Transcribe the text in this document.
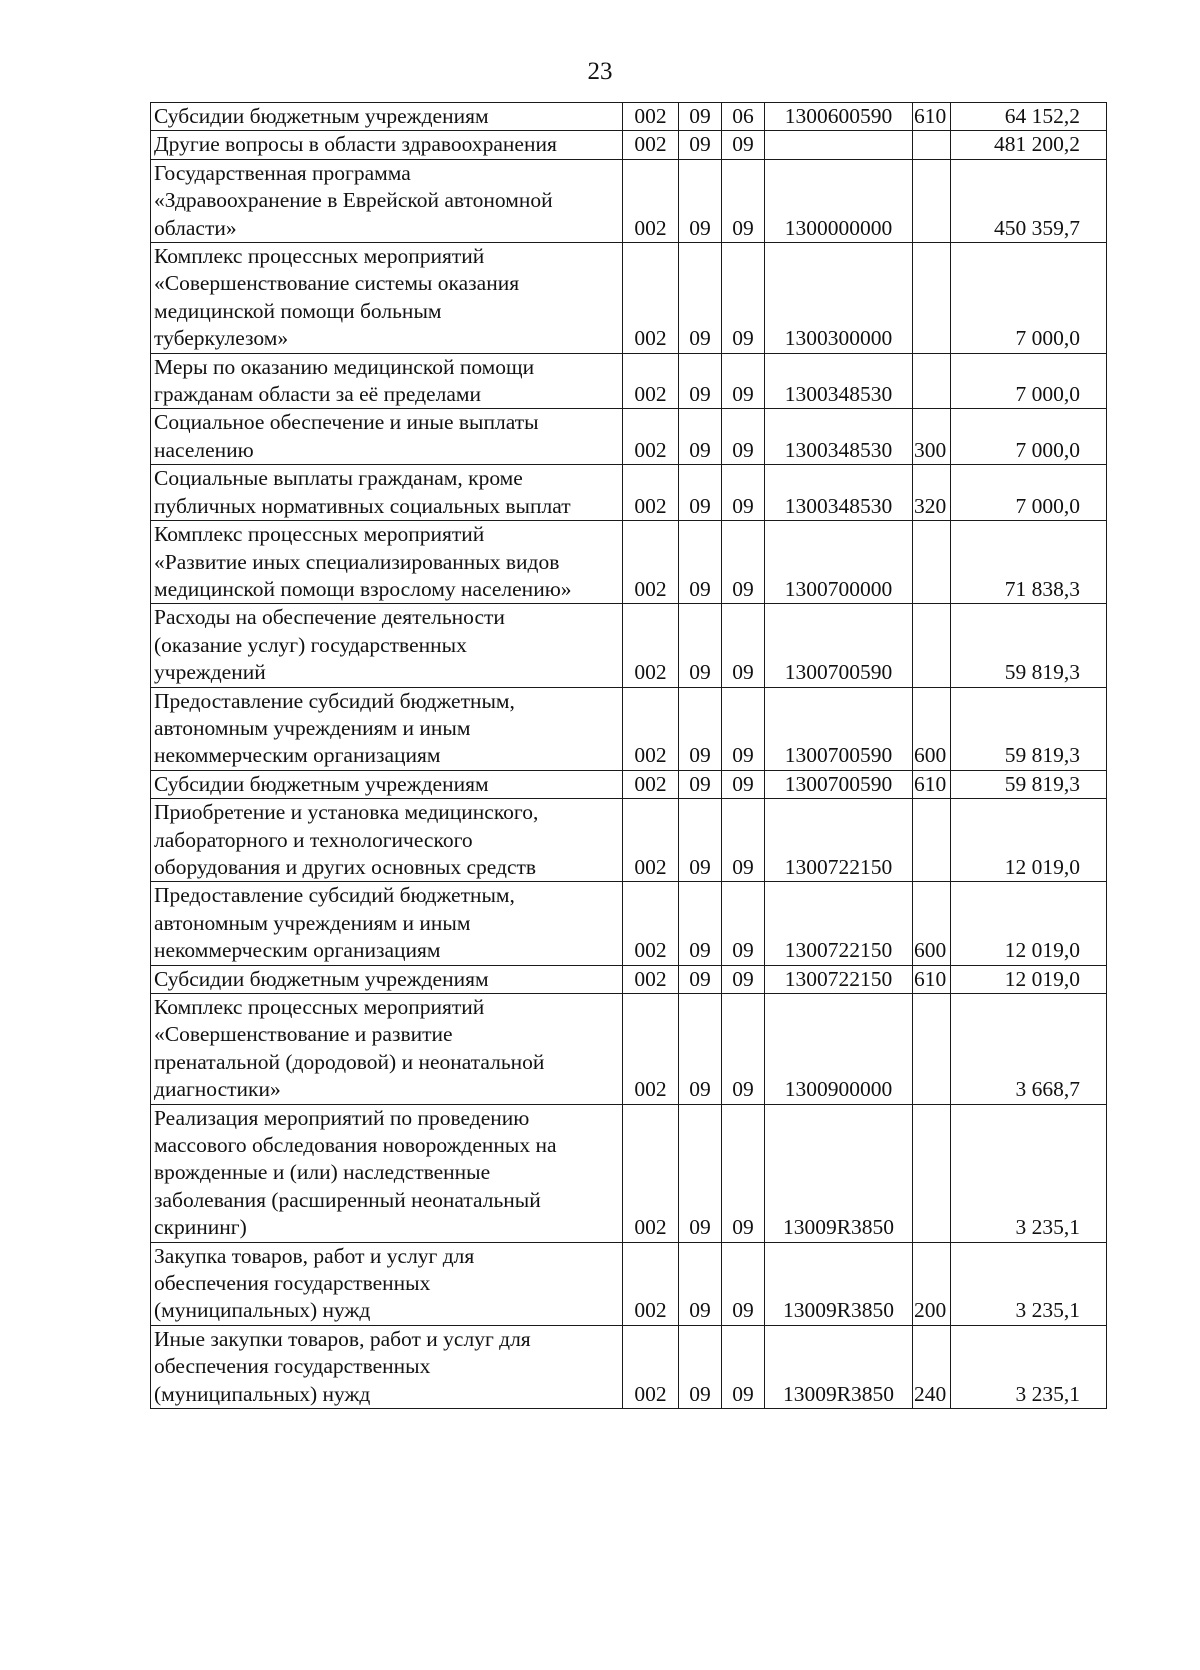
23
Субсидии бюджетным учреждениям	002	09	06	1300600590	610	64 152,2

Другие вопросы в области здравоохранения	002	09	09			481 200,2

Государственная программа
«Здравоохранение в Еврейской автономной
области»	002	09	09	1300000000		450 359,7

Комплекс процессных мероприятий
«Совершенствование системы оказания
медицинской помощи больным
туберкулезом»	002	09	09	1300300000		7 000,0

Меры по оказанию медицинской помощи
гражданам области за её пределами	002	09	09	1300348530		7 000,0

Социальное обеспечение и иные выплаты
населению	002	09	09	1300348530	300	7 000,0

Социальные выплаты гражданам, кроме
публичных нормативных социальных выплат	002	09	09	1300348530	320	7 000,0

Комплекс процессных мероприятий
«Развитие иных специализированных видов
медицинской помощи взрослому населению»	002	09	09	1300700000		71 838,3

Расходы на обеспечение деятельности
(оказание услуг) государственных
учреждений	002	09	09	1300700590		59 819,3

Предоставление субсидий бюджетным,
автономным учреждениям и иным
некоммерческим организациям	002	09	09	1300700590	600	59 819,3

Субсидии бюджетным учреждениям	002	09	09	1300700590	610	59 819,3

Приобретение и установка медицинского,
лабораторного и технологического
оборудования и других основных средств	002	09	09	1300722150		12 019,0

Предоставление субсидий бюджетным,
автономным учреждениям и иным
некоммерческим организациям	002	09	09	1300722150	600	12 019,0

Субсидии бюджетным учреждениям	002	09	09	1300722150	610	12 019,0

Комплекс процессных мероприятий
«Совершенствование и развитие
пренатальной (дородовой) и неонатальной
диагностики»	002	09	09	1300900000		3 668,7

Реализация мероприятий по проведению
массового обследования новорожденных на
врожденные и (или) наследственные
заболевания (расширенный неонатальный
скрининг)	002	09	09	13009R3850		3 235,1

Закупка товаров, работ и услуг для
обеспечения государственных
(муниципальных) нужд	002	09	09	13009R3850	200	3 235,1

Иные закупки товаров, работ и услуг для
обеспечения государственных
(муниципальных) нужд	002	09	09	13009R3850	240	3 235,1
